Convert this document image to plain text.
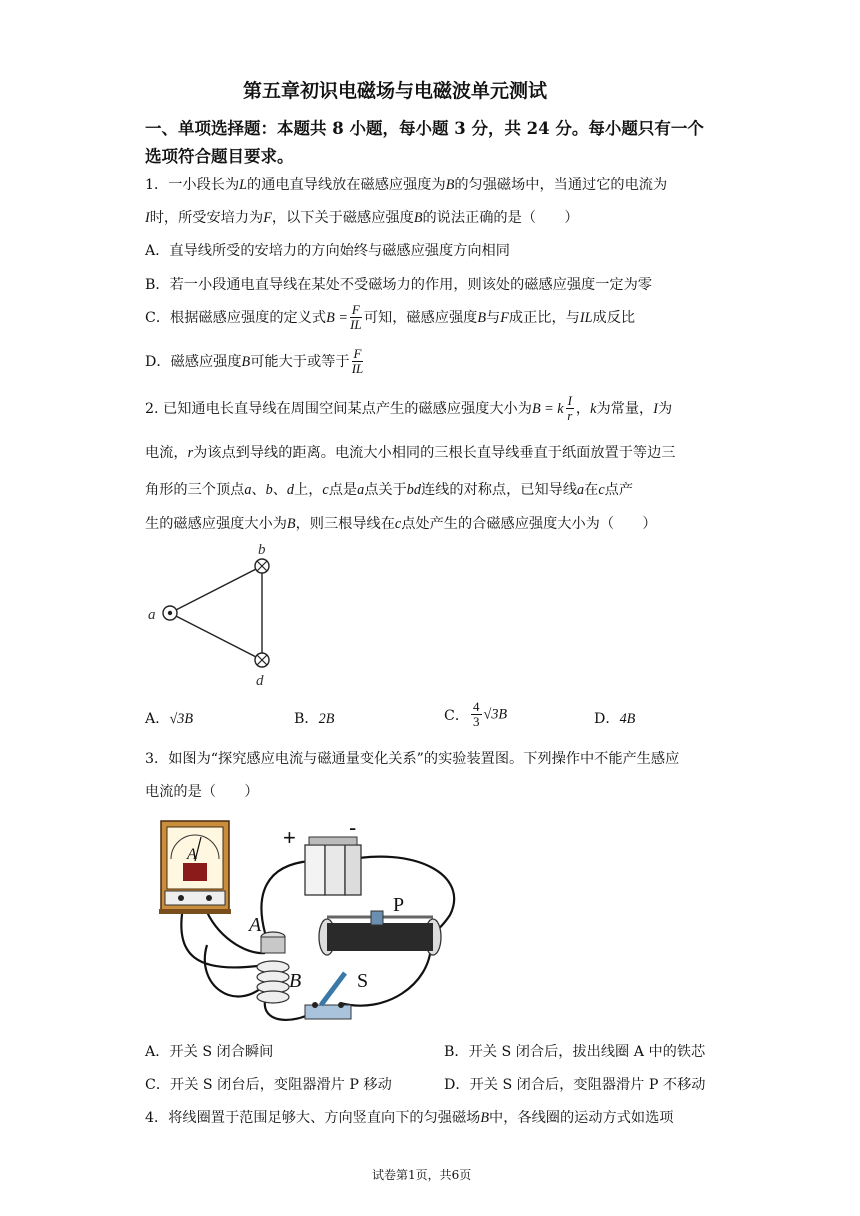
第五章初识电磁场与电磁波单元测试
一、单项选择题：本题共 8 小题，每小题 3 分，共 24 分。每小题只有一个
选项符合题目要求。
1．一小段长为L的通电直导线放在磁感应强度为B的匀强磁场中，当通过它的电流为
I时，所受安培力为F，以下关于磁感应强度B的说法正确的是（　　）
A．直导线所受的安培力的方向始终与磁感应强度方向相同
B．若一小段通电直导线在某处不受磁场力的作用，则该处的磁感应强度一定为零
C．根据磁感应强度的定义式$B = \frac{F}{IL}$ 可知，磁感应强度B与F成正比，与IL成反比
D．磁感应强度B可能大于或等于 $\frac{F}{IL}$
2. 已知通电长直导线在周围空间某点产生的磁感应强度大小为B = k $\frac{I}{r}$ ，k为常量，I为
电流，r为该点到导线的距离。电流大小相同的三根长直导线垂直于纸面放置于等边三
角形的三个顶点a、b、d上，c点是a点关于bd连线的对称点，已知导线a在c点产
生的磁感应强度大小为B，则三根导线在c点处产生的合磁感应强度大小为（　　）
a
b
d
A．√3B	B．2B	C． $\frac{4}{3} √3B$	D．4B
3．如图为“探究感应电流与磁通量变化关系”的实验装置图。下列操作中不能产生感应
电流的是（　　）
A
+ -
P
A
B	S
A．开关 S 闭合瞬间	B．开关 S 闭合后，拔出线圈 A 中的铁芯
C．开关 S 闭台后，变阻器滑片 P 移动	D．开关 S 闭合后，变阻器滑片 P 不移动
4．将线圈置于范围足够大、方向竖直向下的匀强磁场B中，各线圈的运动方式如选项
试卷第1页，共6页
